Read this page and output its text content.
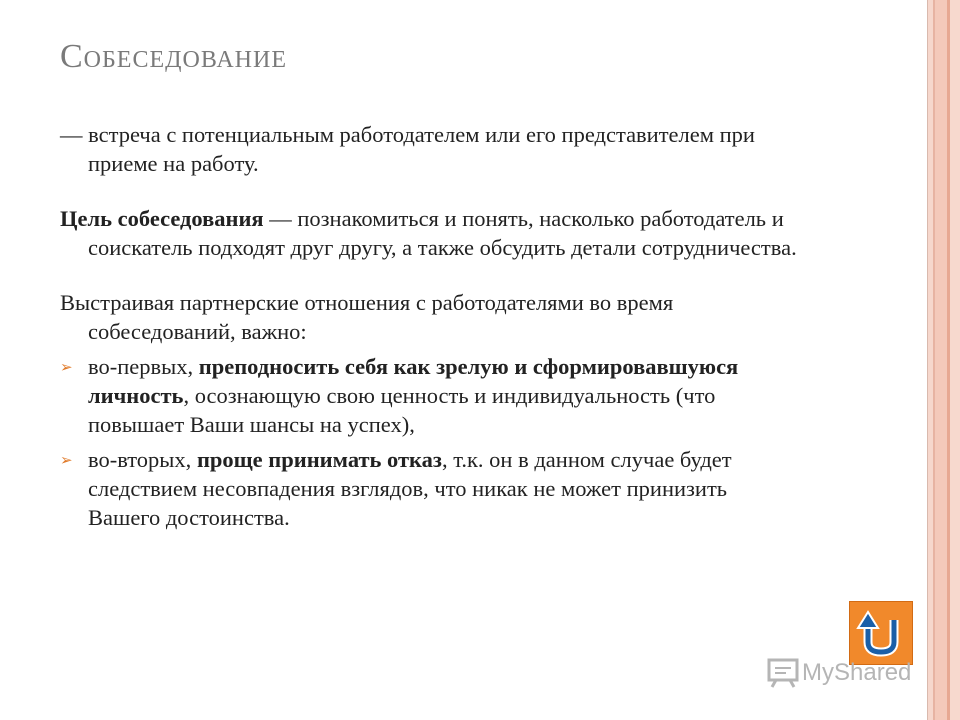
Собеседование

— встреча с потенциальным работодателем или его представителем при приеме на работу.

Цель собеседования — познакомиться и понять, насколько работодатель и соискатель подходят друг другу, а также обсудить детали сотрудничества.

Выстраивая партнерские отношения с работодателями во время собеседований, важно:

➢ во-первых, преподносить себя как зрелую и сформировавшуюся личность, осознающую свою ценность и индивидуальность (что повышает Ваши шансы на успех),
➢ во-вторых, проще принимать отказ, т.к. он в данном случае будет следствием несовпадения взглядов, что никак не может принизить Вашего достоинства.
MyShared
